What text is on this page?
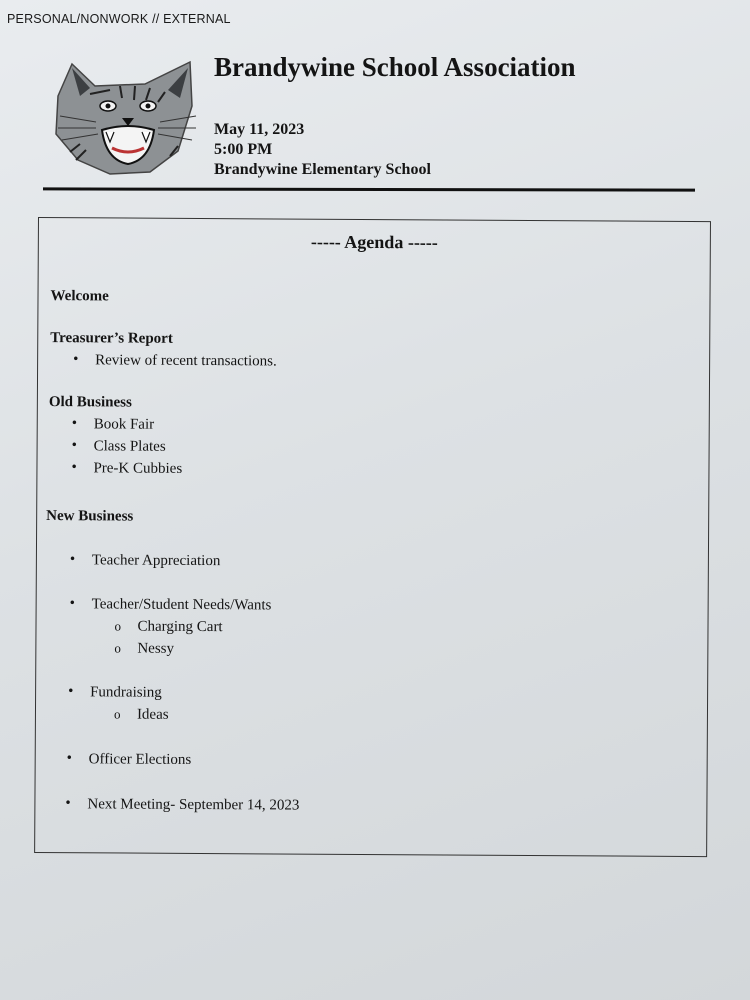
PERSONAL/NONWORK // EXTERNAL
Brandywine School Association
May 11, 2023
5:00 PM
Brandywine Elementary School
----- Agenda -----
Welcome
Treasurer’s Report
• Review of recent transactions.
Old Business
• Book Fair
• Class Plates
• Pre-K Cubbies
New Business
• Teacher Appreciation
• Teacher/Student Needs/Wants
o Charging Cart
o Nessy
• Fundraising
o Ideas
• Officer Elections
• Next Meeting- September 14, 2023
